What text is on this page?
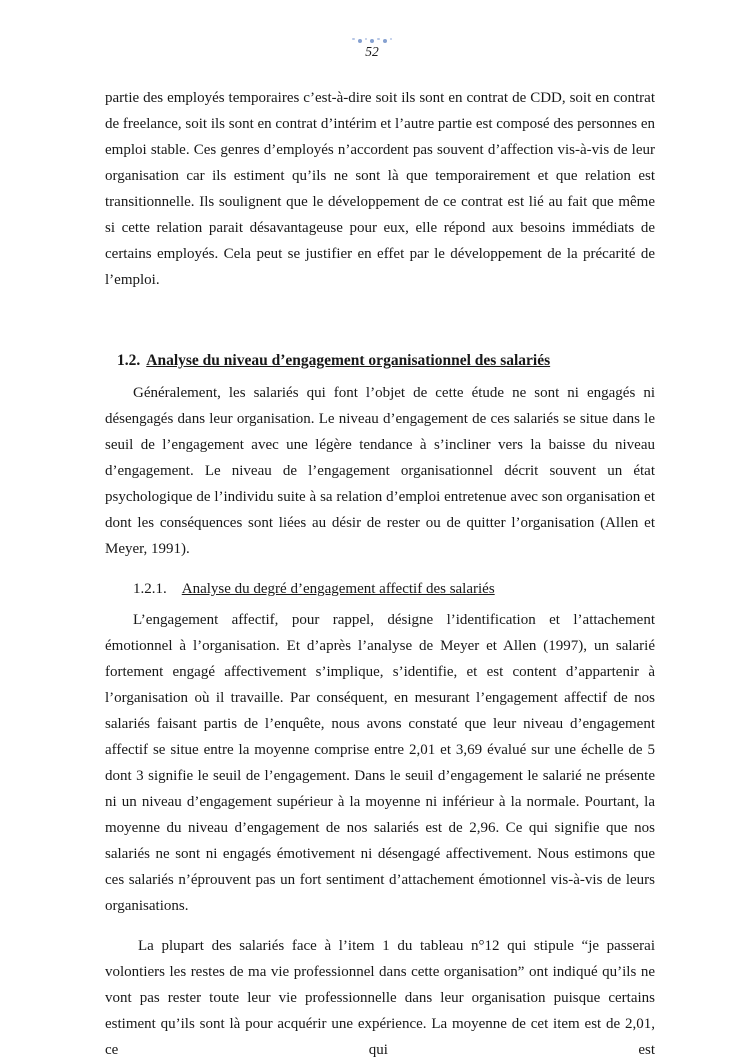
52

partie des employés temporaires c’est-à-dire soit ils sont en contrat de CDD, soit en contrat de freelance, soit ils sont en contrat d’intérim et l’autre partie est composé des personnes en emploi stable. Ces genres d’employés n’accordent pas souvent d’affection vis-à-vis de leur organisation car ils estiment qu’ils ne sont là que temporairement et que relation est transitionnelle. Ils soulignent que le développement de ce contrat est lié au fait que même si cette relation parait désavantageuse pour eux, elle répond aux besoins immédiats de certains employés. Cela peut se justifier en effet par le développement de la précarité de l’emploi.

1.2. Analyse du niveau d’engagement organisationnel des salariés

Généralement, les salariés qui font l’objet de cette étude ne sont ni engagés ni désengagés dans leur organisation. Le niveau d’engagement de ces salariés se situe dans le seuil de l’engagement avec une légère tendance à s’incliner vers la baisse du niveau d’engagement. Le niveau de l’engagement organisationnel décrit souvent un état psychologique de l’individu suite à sa relation d’emploi entretenue avec son organisation et dont les conséquences sont liées au désir de rester ou de quitter l’organisation (Allen et Meyer, 1991).

1.2.1. Analyse du degré d’engagement affectif des salariés

L’engagement affectif, pour rappel, désigne l’identification et l’attachement émotionnel à l’organisation. Et d’après l’analyse de Meyer et Allen (1997), un salarié fortement engagé affectivement s’implique, s’identifie, et est content d’appartenir à l’organisation où il travaille. Par conséquent, en mesurant l’engagement affectif de nos salariés faisant partis de l’enquête, nous avons constaté que leur niveau d’engagement affectif se situe entre la moyenne comprise entre 2,01 et 3,69 évalué sur une échelle de 5 dont 3 signifie le seuil de l’engagement. Dans le seuil d’engagement le salarié ne présente ni un niveau d’engagement supérieur à la moyenne ni inférieur à la normale. Pourtant, la moyenne du niveau d’engagement de nos salariés est de 2,96. Ce qui signifie que nos salariés ne sont ni engagés émotivement ni désengagé affectivement. Nous estimons que ces salariés n’éprouvent pas un fort sentiment d’attachement émotionnel vis-à-vis de leurs organisations.

La plupart des salariés face à l’item 1 du tableau n°12 qui stipule “je passerai volontiers les restes de ma vie professionnel dans cette organisation” ont indiqué qu’ils ne vont pas rester toute leur vie professionnelle dans leur organisation puisque certains estiment qu’ils sont là pour acquérir une expérience. La moyenne de cet item est de 2,01, ce qui est
